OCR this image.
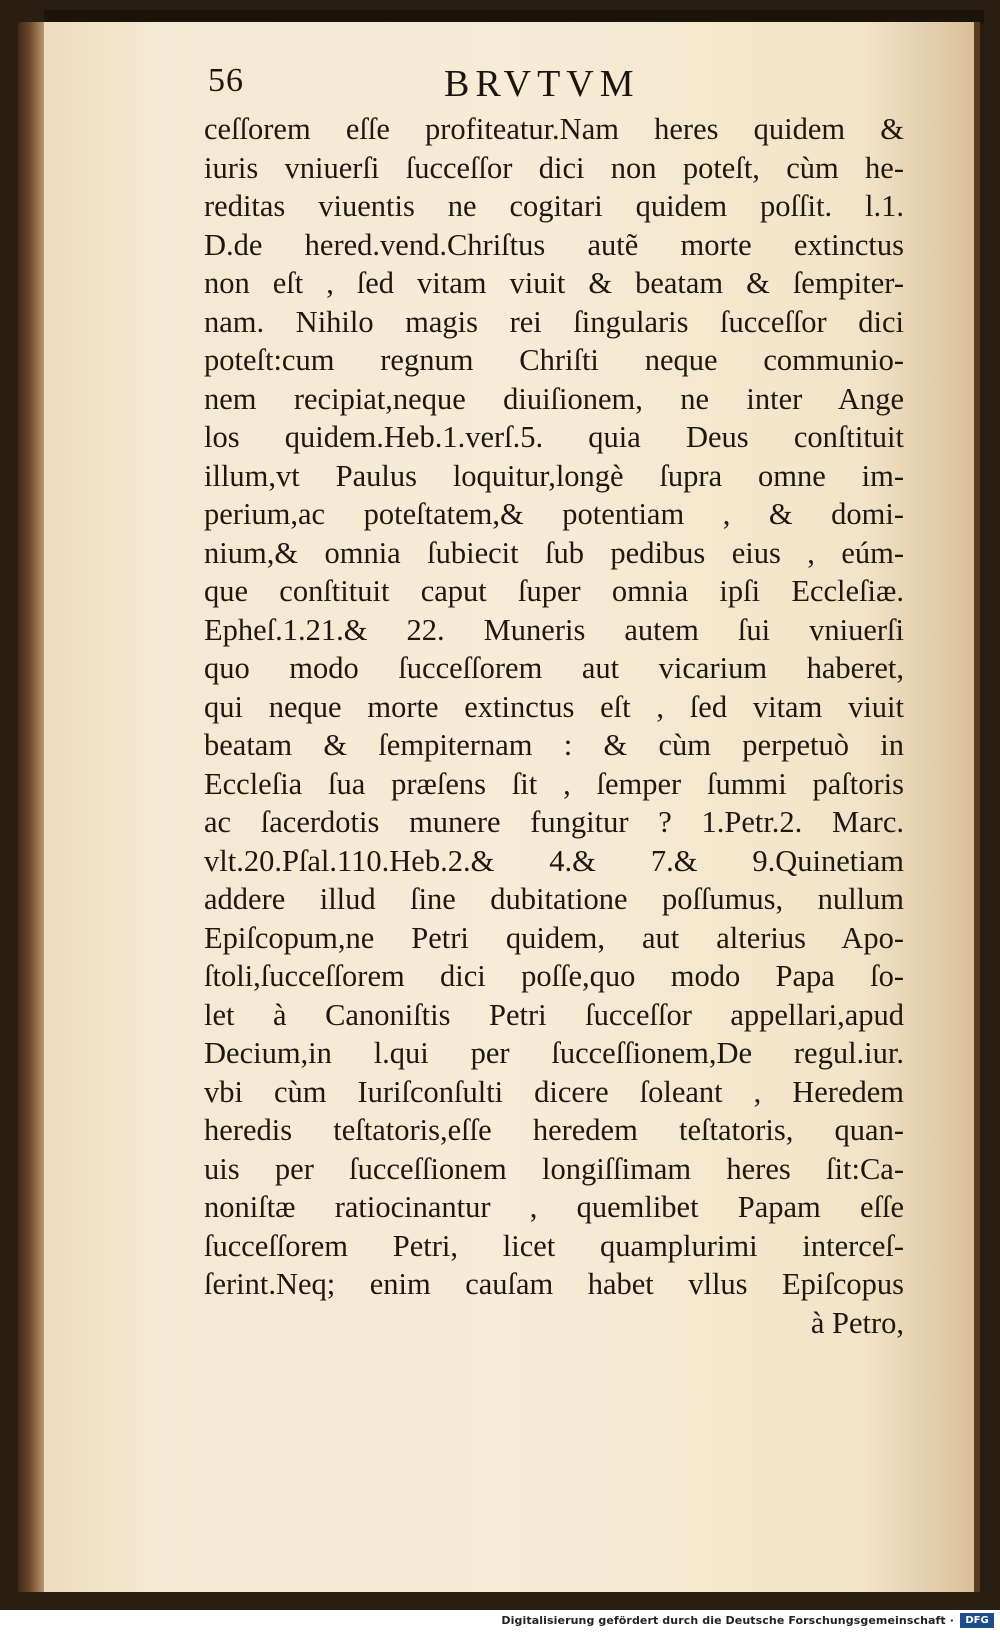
56	BRVTVM
ceſſorem eſſe profiteatur.Nam heres quidem &
iuris vniuerſi ſucceſſor dici non poteſt, cùm he-
reditas viuentis ne cogitari quidem poſſit. l.1.
D.de hered.vend.Chriſtus autẽ morte extinctus
non eſt , ſed vitam viuit & beatam & ſempiter-
nam. Nihilo magis rei ſingularis ſucceſſor dici
poteſt:cum regnum Chriſti neque communio-
nem recipiat,neque diuiſionem, ne inter Ange
los quidem.Heb.1.verſ.5. quia Deus conſtituit
illum,vt Paulus loquitur,longè ſupra omne im-
perium,ac poteſtatem,& potentiam , & domi-
nium,& omnia ſubiecit ſub pedibus eius , eúm-
que conſtituit caput ſuper omnia ipſi Eccleſiæ.
Epheſ.1.21.& 22. Muneris autem ſui vniuerſi
quo modo ſucceſſorem aut vicarium haberet,
qui neque morte extinctus eſt , ſed vitam viuit
beatam & ſempiternam : & cùm perpetuò in
Eccleſia ſua præſens ſit , ſemper ſummi paſtoris
ac ſacerdotis munere fungitur ? 1.Petr.2. Marc.
vlt.20.Pſal.110.Heb.2.& 4.& 7.& 9.Quinetiam
addere illud ſine dubitatione poſſumus, nullum
Epiſcopum,ne Petri quidem, aut alterius Apo-
ſtoli,ſucceſſorem dici poſſe,quo modo Papa ſo-
let à Canoniſtis Petri ſucceſſor appellari,apud
Decium,in l.qui per ſucceſſionem,De regul.iur.
vbi cùm Iuriſconſulti dicere ſoleant , Heredem
heredis teſtatoris,eſſe heredem teſtatoris, quan-
uis per ſucceſſionem longiſſimam heres ſit:Ca-
noniſtæ ratiocinantur , quemlibet Papam eſſe
ſucceſſorem Petri, licet quamplurimi interceſ-
ſerint.Neq; enim cauſam habet vllus Epiſcopus
à Petro,
Digitalisierung gefördert durch die Deutsche Forschungsgemeinschaft ·	DFG
